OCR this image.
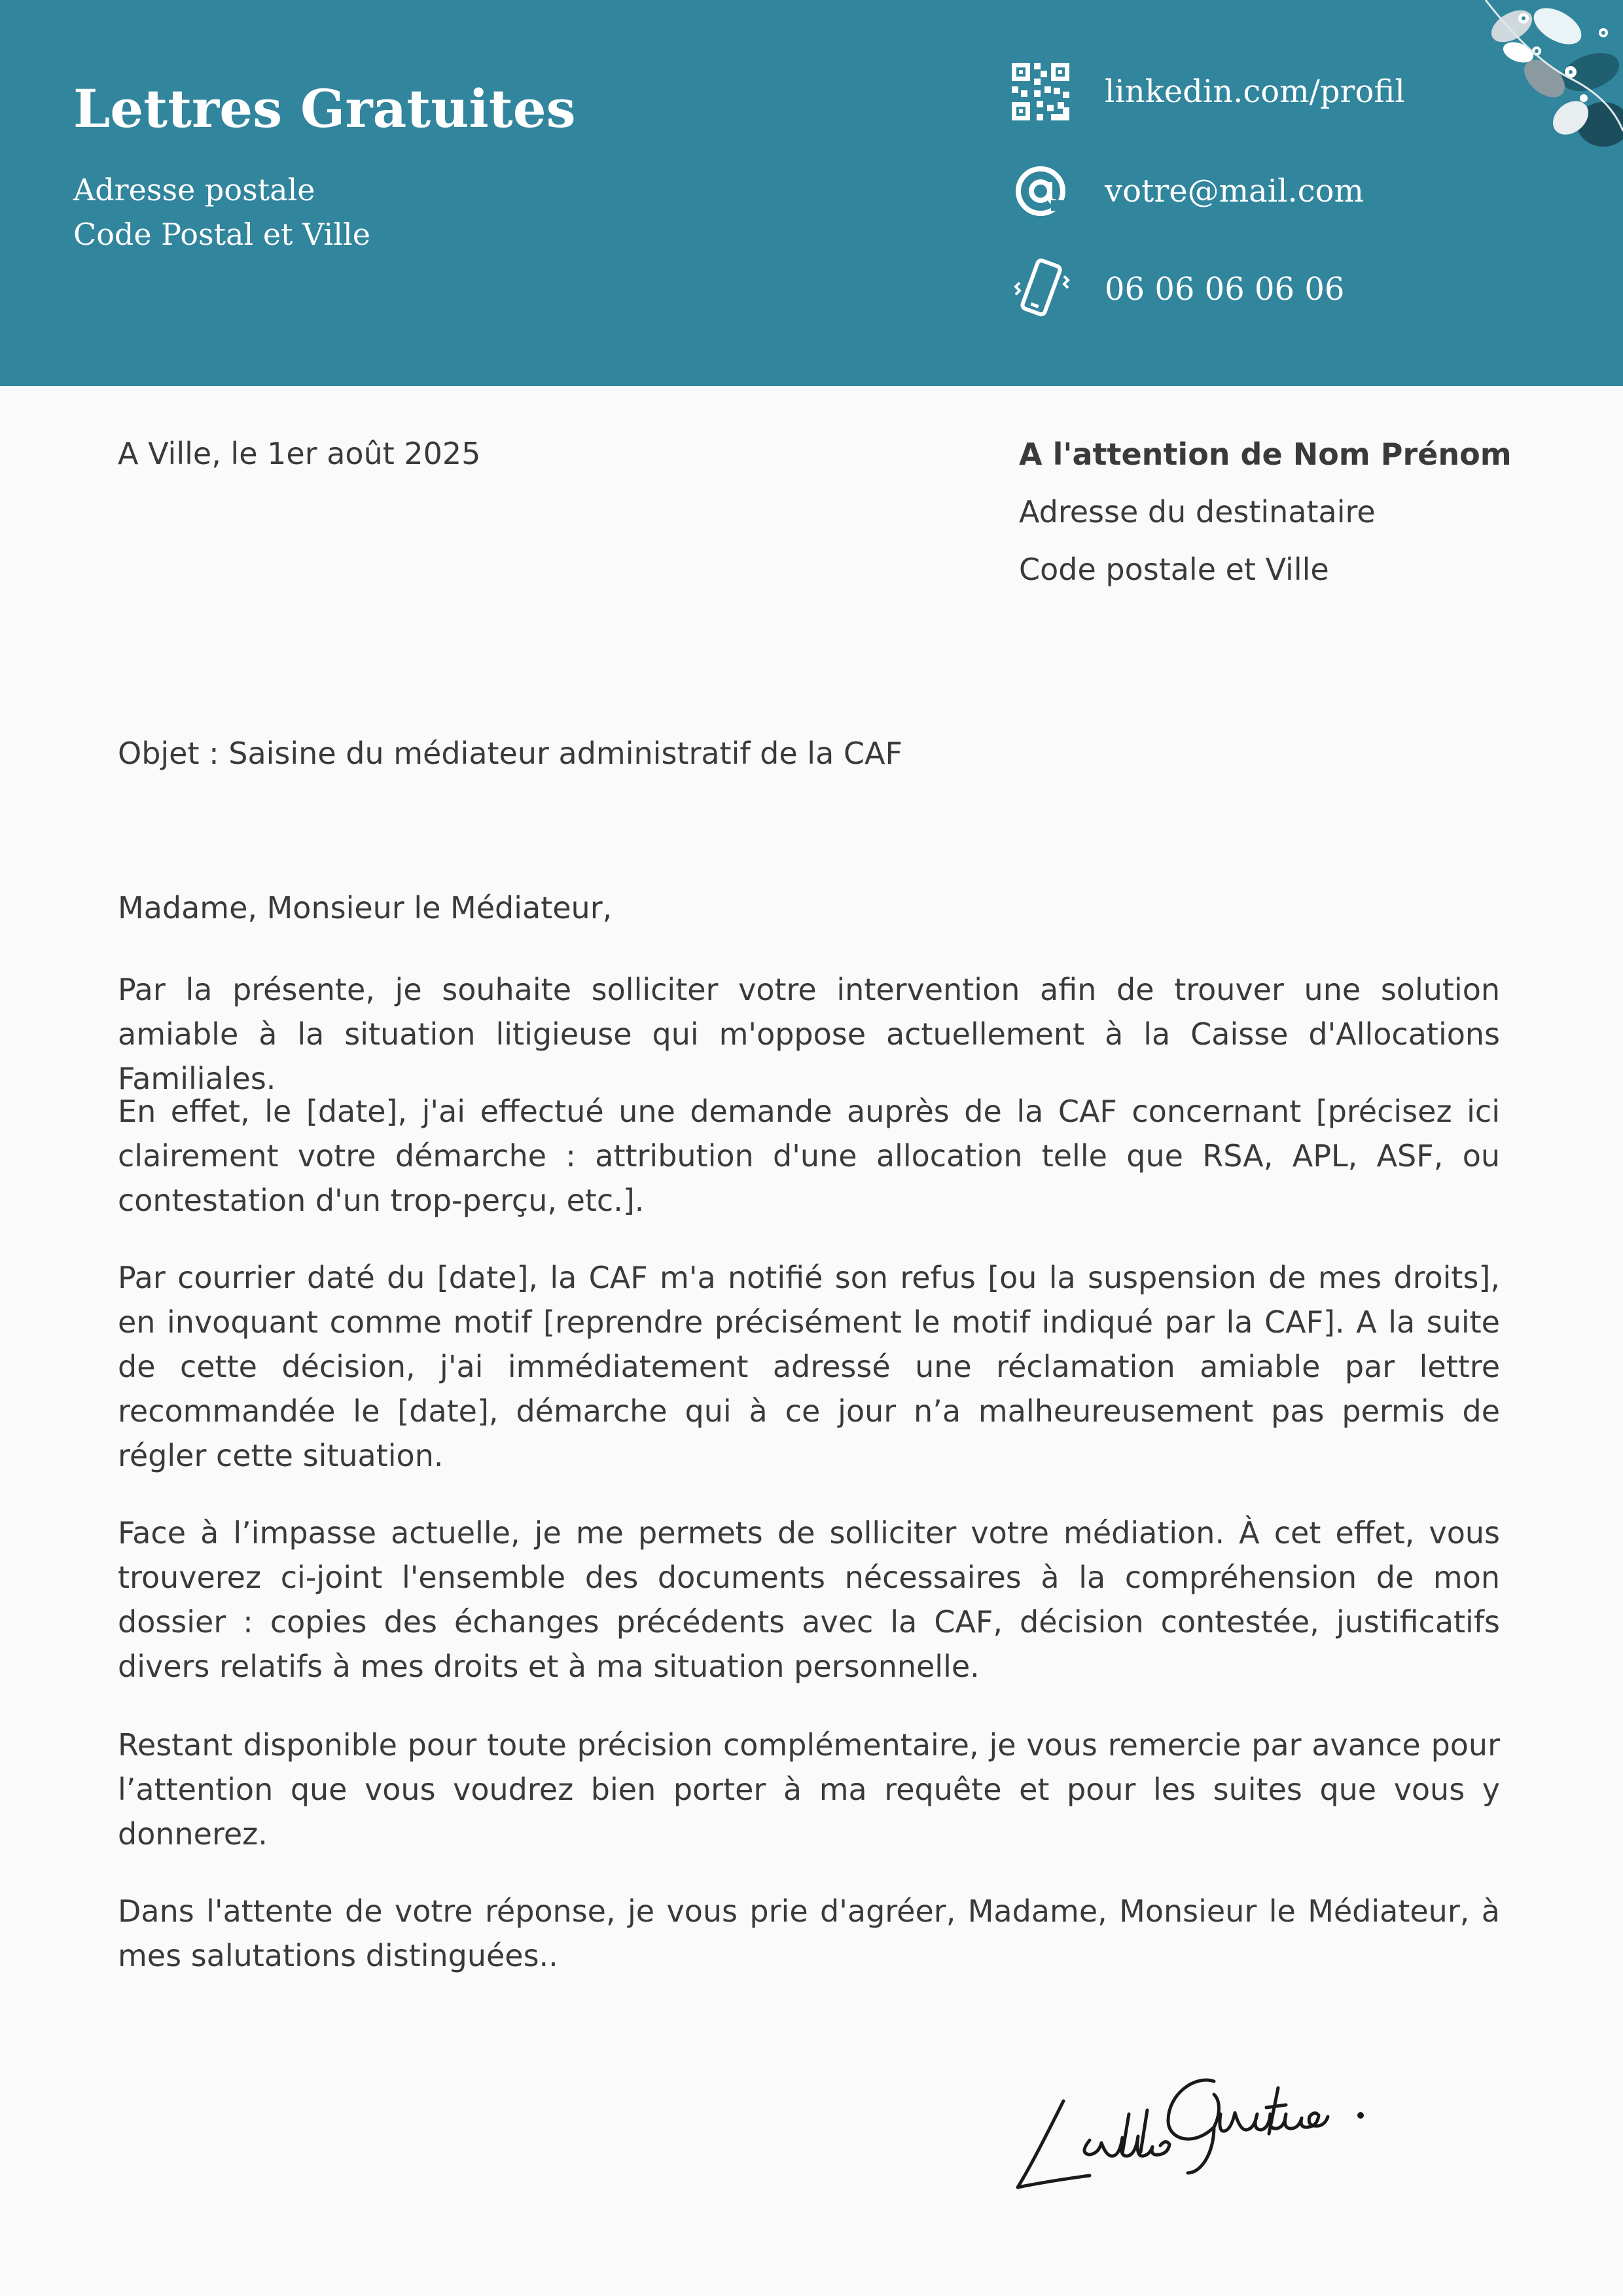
Lettres Gratuites
Adresse postale
Code Postal et Ville
linkedin.com/profil
votre@mail.com
06 06 06 06 06
A Ville, le 1er août 2025	A l'attention de Nom Prénom
Adresse du destinataire
Code postale et Ville
Objet : Saisine du médiateur administratif de la CAF
Madame, Monsieur le Médiateur,

Par la présente, je souhaite solliciter votre intervention afin de trouver une solution amiable à la situation litigieuse qui m'oppose actuellement à la Caisse d'Allocations Familiales.

En effet, le [date], j'ai effectué une demande auprès de la CAF concernant [précisez ici clairement votre démarche : attribution d'une allocation telle que RSA, APL, ASF, ou contestation d'un trop-perçu, etc.].

Par courrier daté du [date], la CAF m'a notifié son refus [ou la suspension de mes droits], en invoquant comme motif [reprendre précisément le motif indiqué par la CAF]. A la suite de cette décision, j'ai immédiatement adressé une réclamation amiable par lettre recommandée le [date], démarche qui à ce jour n’a malheureusement pas permis de régler cette situation.

Face à l’impasse actuelle, je me permets de solliciter votre médiation. À cet effet, vous trouverez ci-joint l'ensemble des documents nécessaires à la compréhension de mon dossier : copies des échanges précédents avec la CAF, décision contestée, justificatifs divers relatifs à mes droits et à ma situation personnelle.

Restant disponible pour toute précision complémentaire, je vous remercie par avance pour l’attention que vous voudrez bien porter à ma requête et pour les suites que vous y donnerez.

Dans l'attente de votre réponse, je vous prie d'agréer, Madame, Monsieur le Médiateur, à mes salutations distinguées..
